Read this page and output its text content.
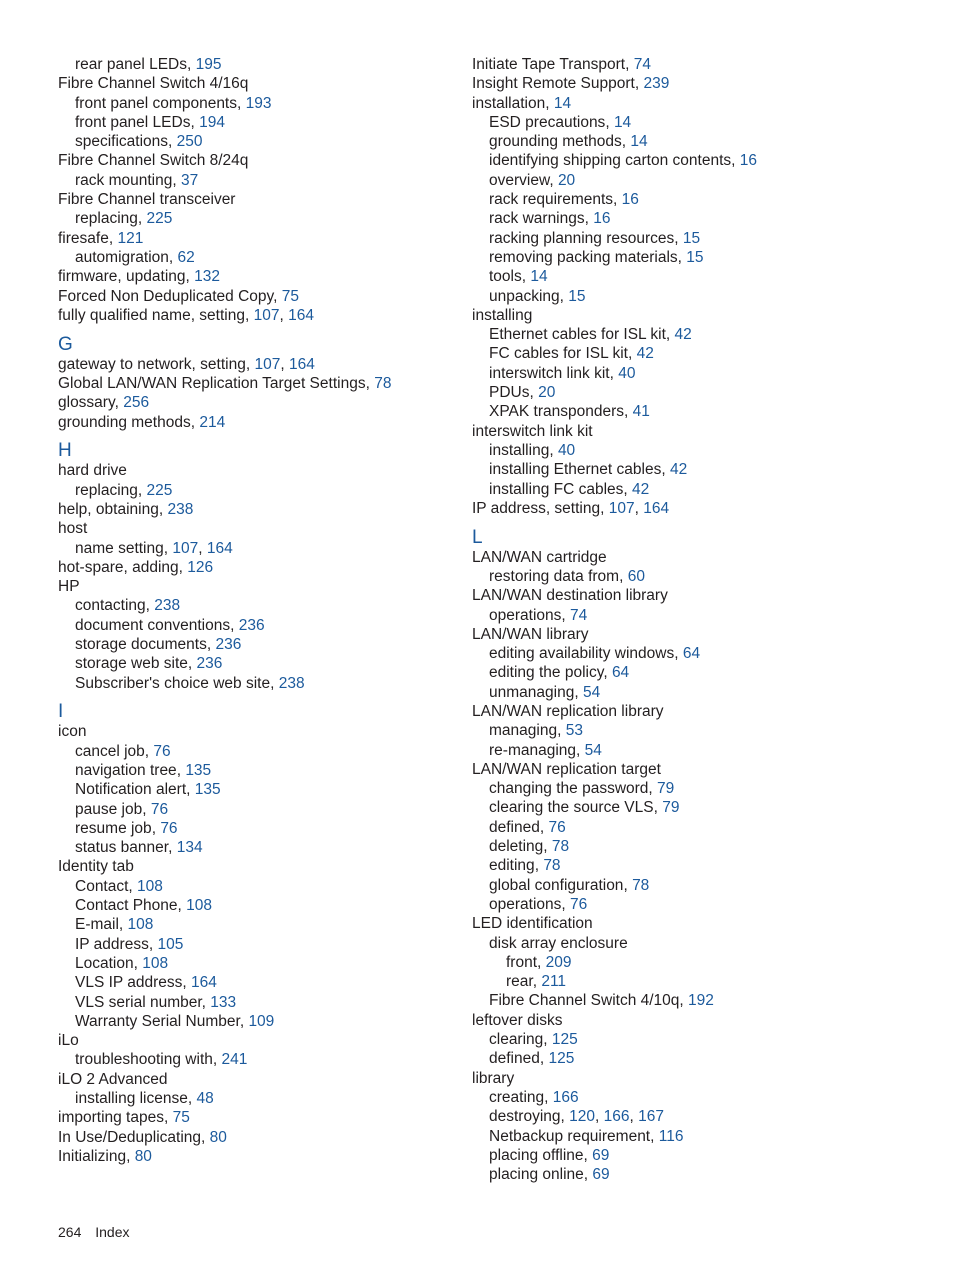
rear panel LEDs, 195
Fibre Channel Switch 4/16q
front panel components, 193
front panel LEDs, 194
specifications, 250
Fibre Channel Switch 8/24q
rack mounting, 37
Fibre Channel transceiver
replacing, 225
firesafe, 121
automigration, 62
firmware, updating, 132
Forced Non Deduplicated Copy, 75
fully qualified name, setting, 107, 164
G
gateway to network, setting, 107, 164
Global LAN/WAN Replication Target Settings, 78
glossary, 256
grounding methods, 214
H
hard drive
replacing, 225
help, obtaining, 238
host
name setting, 107, 164
hot-spare, adding, 126
HP
contacting, 238
document conventions, 236
storage documents, 236
storage web site, 236
Subscriber's choice web site, 238
I
icon
cancel job, 76
navigation tree, 135
Notification alert, 135
pause job, 76
resume job, 76
status banner, 134
Identity tab
Contact, 108
Contact Phone, 108
E-mail, 108
IP address, 105
Location, 108
VLS IP address, 164
VLS serial number, 133
Warranty Serial Number, 109
iLo
troubleshooting with, 241
iLO 2 Advanced
installing license, 48
importing tapes, 75
In Use/Deduplicating, 80
Initializing, 80
Initiate Tape Transport, 74
Insight Remote Support, 239
installation, 14
ESD precautions, 14
grounding methods, 14
identifying shipping carton contents, 16
overview, 20
rack requirements, 16
rack warnings, 16
racking planning resources, 15
removing packing materials, 15
tools, 14
unpacking, 15
installing
Ethernet cables for ISL kit, 42
FC cables for ISL kit, 42
interswitch link kit, 40
PDUs, 20
XPAK transponders, 41
interswitch link kit
installing, 40
installing Ethernet cables, 42
installing FC cables, 42
IP address, setting, 107, 164
L
LAN/WAN cartridge
restoring data from, 60
LAN/WAN destination library
operations, 74
LAN/WAN library
editing availability windows, 64
editing the policy, 64
unmanaging, 54
LAN/WAN replication library
managing, 53
re-managing, 54
LAN/WAN replication target
changing the password, 79
clearing the source VLS, 79
defined, 76
deleting, 78
editing, 78
global configuration, 78
operations, 76
LED identification
disk array enclosure
front, 209
rear, 211
Fibre Channel Switch 4/10q, 192
leftover disks
clearing, 125
defined, 125
library
creating, 166
destroying, 120, 166, 167
Netbackup requirement, 116
placing offline, 69
placing online, 69
264 Index
